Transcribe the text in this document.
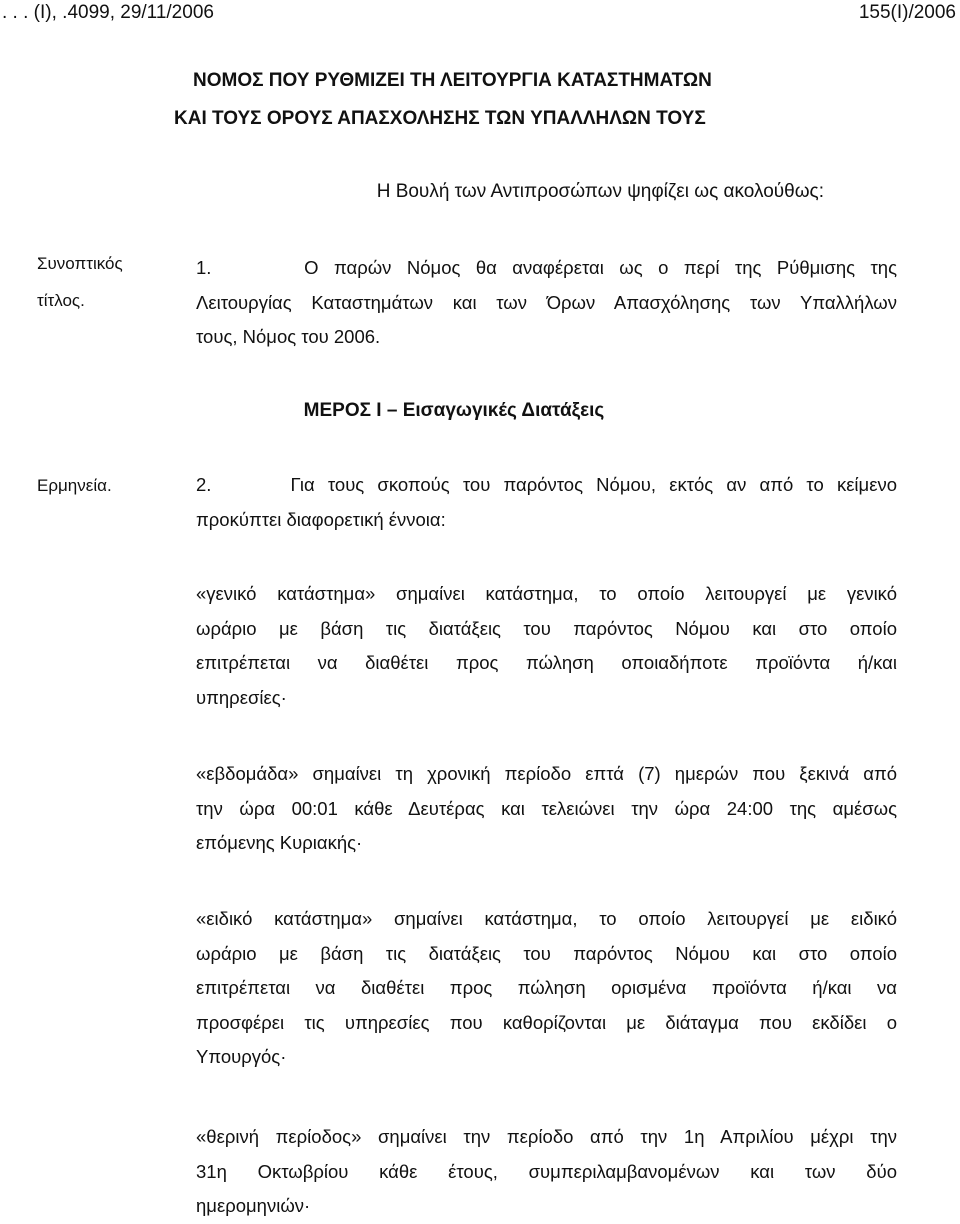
. . . (Ι), .4099, 29/11/2006	155(Ι)/2006
ΝΟΜΟΣ ΠΟΥ ΡΥΘΜΙΖΕΙ ΤΗ ΛΕΙΤΟΥΡΓΙΑ ΚΑΤΑΣΤΗΜΑΤΩΝ
ΚΑΙ ΤΟΥΣ ΟΡΟΥΣ ΑΠΑΣΧΟΛΗΣΗΣ ΤΩΝ ΥΠΑΛΛΗΛΩΝ ΤΟΥΣ
Η Βουλή των Αντιπροσώπων ψηφίζει ως ακολούθως:
Συνοπτικός
τίτλος.
1.	Ο παρών Νόμος θα αναφέρεται ως ο περί της Ρύθμισης της
Λειτουργίας Καταστημάτων και των Όρων Απασχόλησης των Υπαλλήλων
τους, Νόμος του 2006.
ΜΕΡΟΣ Ι – Εισαγωγικές Διατάξεις
Ερμηνεία.	2.	Για τους σκοπούς του παρόντος Νόμου, εκτός αν από το κείμενο
προκύπτει διαφορετική έννοια:
«γενικό κατάστημα» σημαίνει κατάστημα, το οποίο λειτουργεί με γενικό
ωράριο με βάση τις διατάξεις του παρόντος Νόμου και στο οποίο
επιτρέπεται να διαθέτει προς πώληση οποιαδήποτε προϊόντα ή/και
υπηρεσίες·
«εβδομάδα» σημαίνει τη χρονική περίοδο επτά (7) ημερών που ξεκινά από
την ώρα 00:01 κάθε Δευτέρας και τελειώνει την ώρα 24:00 της αμέσως
επόμενης Κυριακής·
«ειδικό κατάστημα» σημαίνει κατάστημα, το οποίο λειτουργεί με ειδικό
ωράριο με βάση τις διατάξεις του παρόντος Νόμου και στο οποίο
επιτρέπεται να διαθέτει προς πώληση ορισμένα προϊόντα ή/και να
προσφέρει τις υπηρεσίες που καθορίζονται με διάταγμα που εκδίδει ο
Υπουργός·
«θερινή περίοδος» σημαίνει την περίοδο από την 1η Απριλίου μέχρι την
31η Οκτωβρίου κάθε έτους, συμπεριλαμβανομένων και των δύο
ημερομηνιών·
